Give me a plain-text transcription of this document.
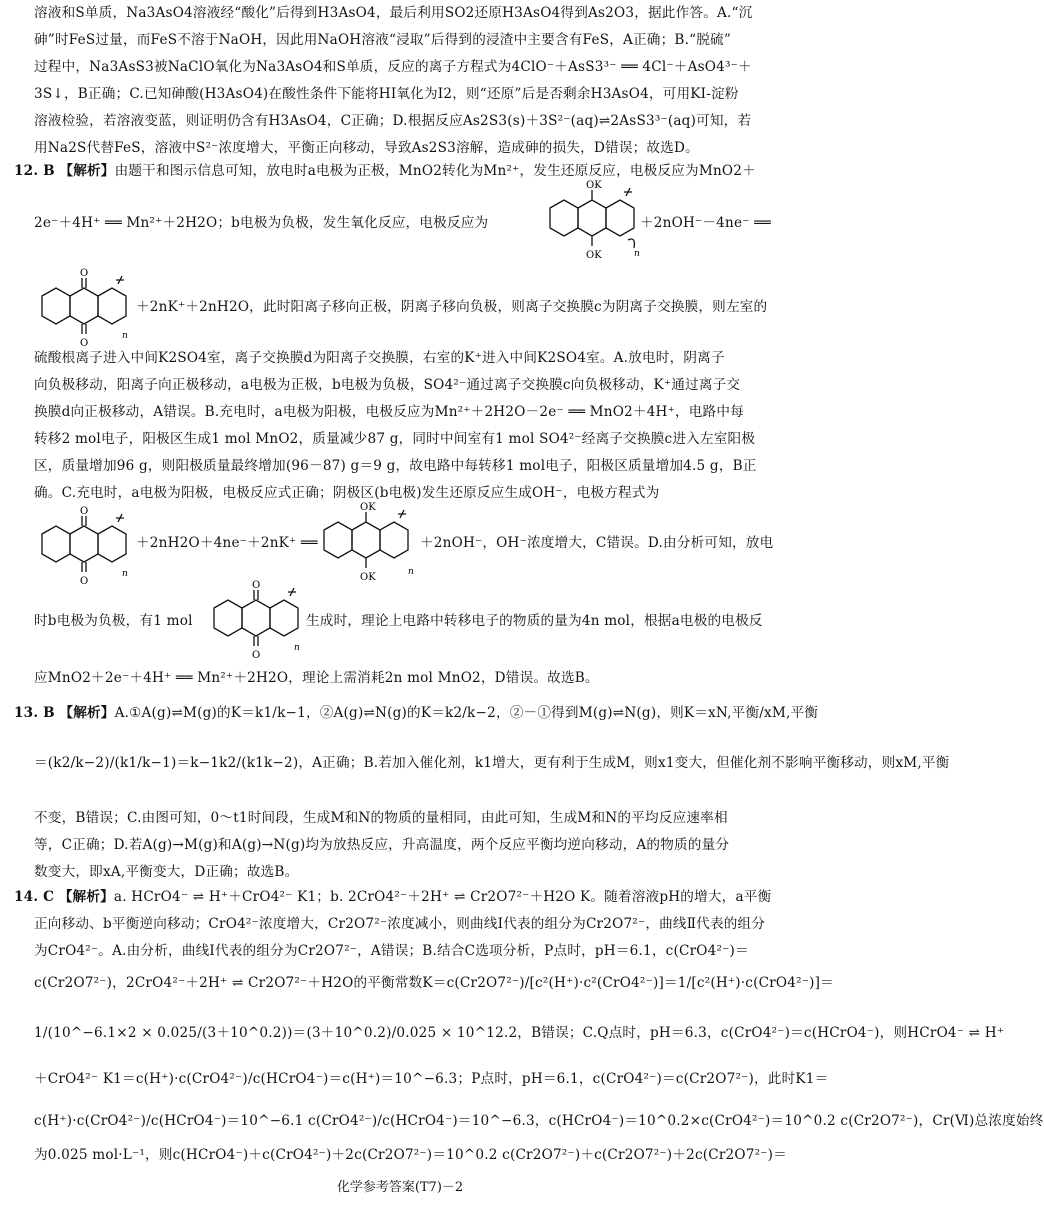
溶液和S单质，Na3AsO4溶液经“酸化”后得到H3AsO4，最后利用SO2还原H3AsO4得到As2O3，据此作答。A.“沉
砷”时FeS过量，而FeS不溶于NaOH，因此用NaOH溶液“浸取”后得到的浸渣中主要含有FeS，A正确；B.“脱硫”
过程中，Na3AsS3被NaClO氧化为Na3AsO4和S单质，反应的离子方程式为4ClO⁻＋AsS3³⁻ ══ 4Cl⁻＋AsO4³⁻＋
3S↓，B正确；C.已知砷酸(H3AsO4)在酸性条件下能将HI氧化为I2，则“还原”后是否剩余H3AsO4，可用KI-淀粉
溶液检验，若溶液变蓝，则证明仍含有H3AsO4，C正确；D.根据反应As2S3(s)＋3S²⁻(aq)⇌2AsS3³⁻(aq)可知，若
用Na2S代替FeS，溶液中S²⁻浓度增大，平衡正向移动，导致As2S3溶解，造成砷的损失，D错误；故选D。
12. B 【解析】由题干和图示信息可知，放电时a电极为正极，MnO2转化为Mn²⁺，发生还原反应，电极反应为MnO2＋
2e⁻＋4H⁺ ══ Mn²⁺＋2H2O；b电极为负极，发生氧化反应，电极反应为
OK
OK	n
＋2nOH⁻－4ne⁻ ══
O
O
n
＋2nK⁺＋2nH2O，此时阳离子移向正极，阴离子移向负极，则离子交换膜c为阴离子交换膜，则左室的
硫酸根离子进入中间K2SO4室，离子交换膜d为阳离子交换膜，右室的K⁺进入中间K2SO4室。A.放电时，阴离子
向负极移动，阳离子向正极移动，a电极为正极，b电极为负极，SO4²⁻通过离子交换膜c向负极移动，K⁺通过离子交
换膜d向正极移动，A错误。B.充电时，a电极为阳极，电极反应为Mn²⁺＋2H2O－2e⁻ ══ MnO2＋4H⁺，电路中每
转移2 mol电子，阳极区生成1 mol MnO2，质量减少87 g，同时中间室有1 mol SO4²⁻经离子交换膜c进入左室阳极
区，质量增加96 g，则阳极质量最终增加(96－87) g＝9 g，故电路中每转移1 mol电子，阳极区质量增加4.5 g，B正
确。C.充电时，a电极为阳极，电极反应式正确；阴极区(b电极)发生还原反应生成OH⁻，电极方程式为
O
O
n
＋2nH2O＋4ne⁻＋2nK⁺ ══
OK
OK	n
＋2nOH⁻，OH⁻浓度增大，C错误。D.由分析可知，放电
时b电极为负极，有1 mol
O
O
n
生成时，理论上电路中转移电子的物质的量为4n mol，根据a电极的电极反
应MnO2＋2e⁻＋4H⁺ ══ Mn²⁺＋2H2O，理论上需消耗2n mol MnO2，D错误。故选B。
13. B 【解析】A.①A(g)⇌M(g)的K＝k1/k−1，②A(g)⇌N(g)的K＝k2/k−2，②－①得到M(g)⇌N(g)，则K＝xN,平衡/xM,平衡
＝(k2/k−2)/(k1/k−1)＝k−1k2/(k1k−2)，A正确；B.若加入催化剂，k1增大，更有利于生成M，则x1变大，但催化剂不影响平衡移动，则xM,平衡
不变，B错误；C.由图可知，0～t1时间段，生成M和N的物质的量相同，由此可知，生成M和N的平均反应速率相
等，C正确；D.若A(g)→M(g)和A(g)→N(g)均为放热反应，升高温度，两个反应平衡均逆向移动，A的物质的量分
数变大，即xA,平衡变大，D正确；故选B。
14. C 【解析】a. HCrO4⁻ ⇌ H⁺＋CrO4²⁻ K1；b. 2CrO4²⁻＋2H⁺ ⇌ Cr2O7²⁻＋H2O K。随着溶液pH的增大，a平衡
正向移动、b平衡逆向移动；CrO4²⁻浓度增大，Cr2O7²⁻浓度减小，则曲线Ⅰ代表的组分为Cr2O7²⁻，曲线Ⅱ代表的组分
为CrO4²⁻。A.由分析，曲线Ⅰ代表的组分为Cr2O7²⁻，A错误；B.结合C选项分析，P点时，pH＝6.1，c(CrO4²⁻)＝
c(Cr2O7²⁻)，2CrO4²⁻＋2H⁺ ⇌ Cr2O7²⁻＋H2O的平衡常数K＝c(Cr2O7²⁻)/[c²(H⁺)·c²(CrO4²⁻)]＝1/[c²(H⁺)·c(CrO4²⁻)]＝
1/(10^−6.1×2 × 0.025/(3＋10^0.2))＝(3＋10^0.2)/0.025 × 10^12.2，B错误；C.Q点时，pH＝6.3，c(CrO4²⁻)＝c(HCrO4⁻)，则HCrO4⁻ ⇌ H⁺
＋CrO4²⁻ K1＝c(H⁺)·c(CrO4²⁻)/c(HCrO4⁻)＝c(H⁺)＝10^−6.3；P点时，pH＝6.1，c(CrO4²⁻)＝c(Cr2O7²⁻)，此时K1＝
c(H⁺)·c(CrO4²⁻)/c(HCrO4⁻)＝10^−6.1 c(CrO4²⁻)/c(HCrO4⁻)＝10^−6.3，c(HCrO4⁻)＝10^0.2×c(CrO4²⁻)＝10^0.2 c(Cr2O7²⁻)，Cr(Ⅵ)总浓度始终
为0.025 mol·L⁻¹，则c(HCrO4⁻)＋c(CrO4²⁻)＋2c(Cr2O7²⁻)＝10^0.2 c(Cr2O7²⁻)＋c(Cr2O7²⁻)＋2c(Cr2O7²⁻)＝
化学参考答案(T7)－2
